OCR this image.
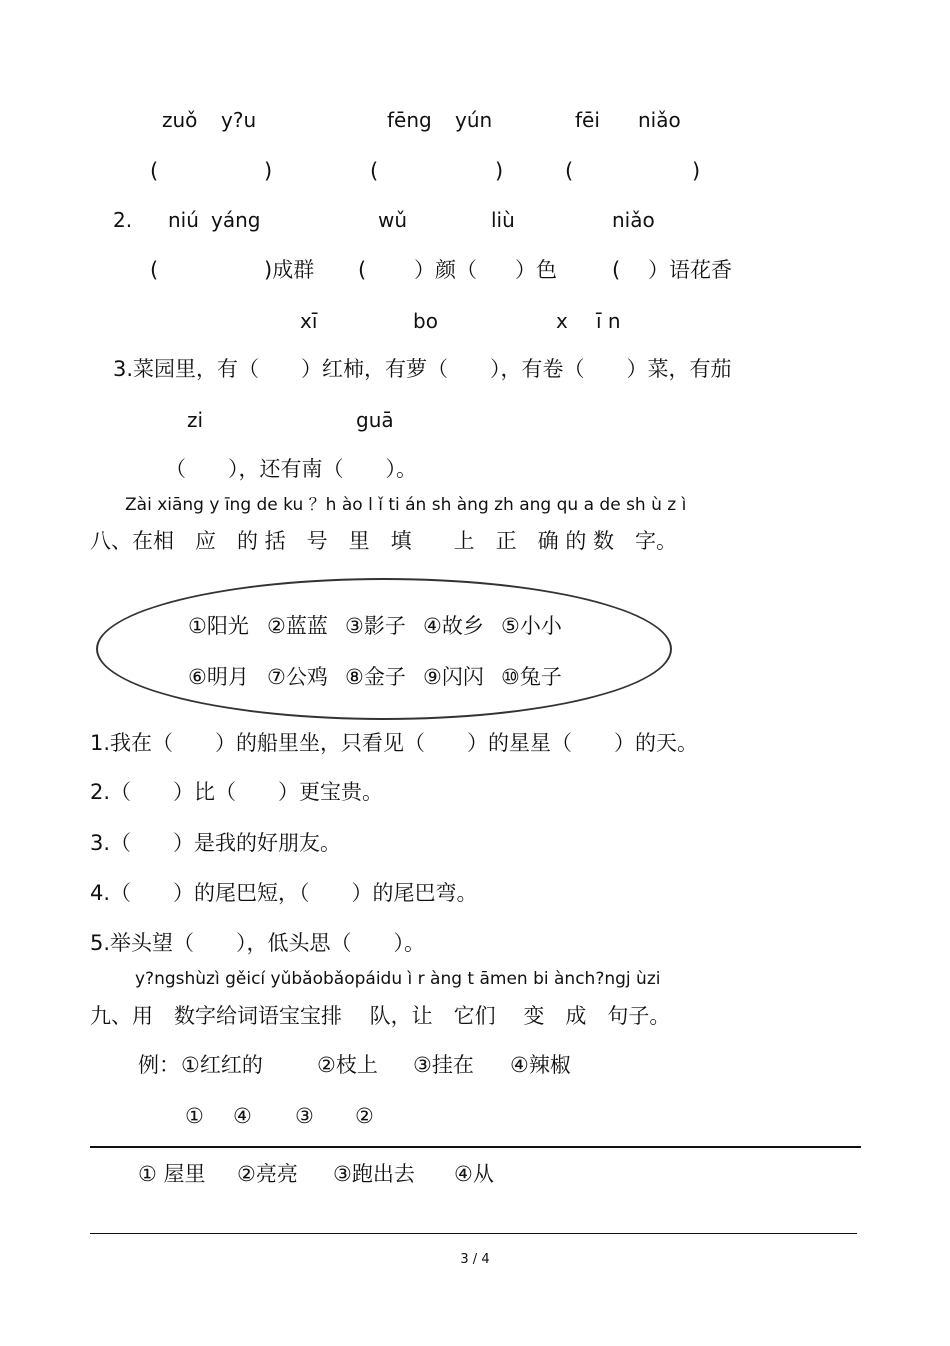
zuǒ y?u	fēng yún	fēi niǎo
(	)	(	)	(	)
2. niú yáng	wǔ	liù	niǎo
(	)成群 ( ）颜（ ）色	( ）语花香
xī	bo	x ī n
3.菜园里，有（　　）红柿，有萝（　　），有卷（　　）菜，有茄
zi	guā
（　　），还有南（　　）。
Zài xiāng y īng de ku ？h ào l ǐ ti án sh àng zh ang qu a de sh ù z ì
八、在相　应　的 括　号　里　填　　上　正　确 的 数　字。
①阳光 ②蓝蓝 ③影子 ④故乡 ⑤小小
⑥明月 ⑦公鸡 ⑧金子 ⑨闪闪 ⑩兔子
1.我在（　　）的船里坐，只看见（　　）的星星（　　）的天。
2.（　　）比（　　）更宝贵。
3.（　　）是我的好朋友。
4.（　　）的尾巴短，（　　）的尾巴弯。
5.举头望（　　），低头思（　　）。
y?ngshùzì gěicí yǔbǎobǎopáidu ì r àng t āmen bi ànch?ngj ùzi
九、用　数字给词语宝宝排　 队，让　它们　 变　成　句子。
例： ①红红的	②枝上 ③挂在 ④辣椒
① ④ ③ ②
① 屋里 ②亮亮 ③跑出去 ④从
3 / 4
